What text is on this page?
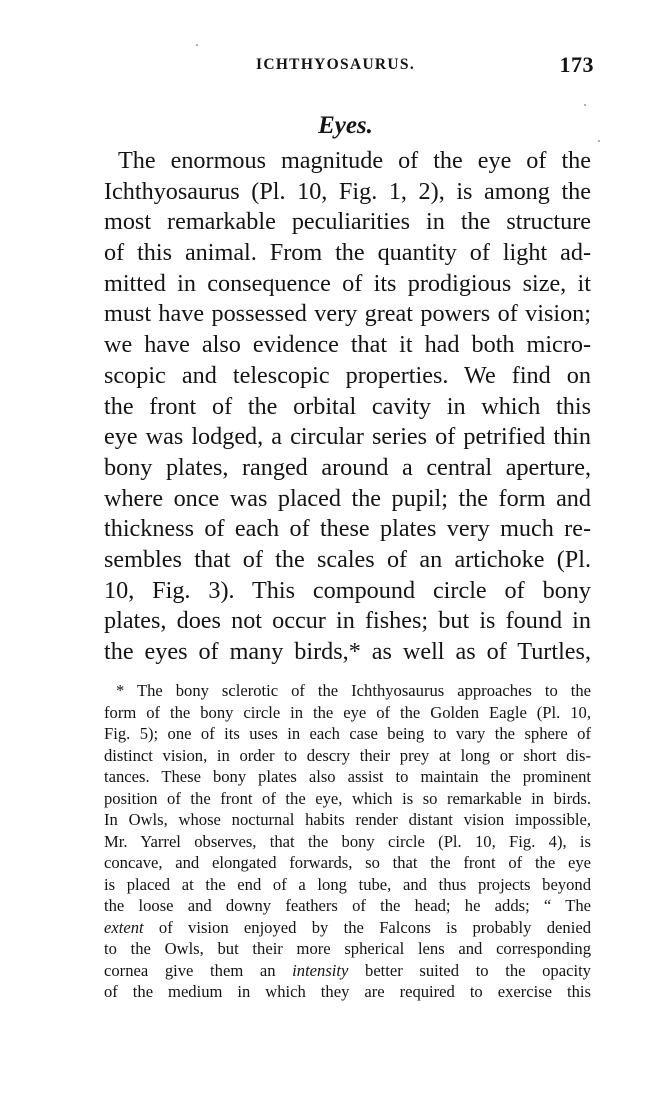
ICHTHYOSAURUS.	173
Eyes.
The enormous magnitude of the eye of the
Ichthyosaurus (Pl. 10, Fig. 1, 2), is among the
most remarkable peculiarities in the structure
of this animal. From the quantity of light ad-
mitted in consequence of its prodigious size, it
must have possessed very great powers of vision;
we have also evidence that it had both micro-
scopic and telescopic properties. We find on
the front of the orbital cavity in which this
eye was lodged, a circular series of petrified thin
bony plates, ranged around a central aperture,
where once was placed the pupil; the form and
thickness of each of these plates very much re-
sembles that of the scales of an artichoke (Pl.
10, Fig. 3). This compound circle of bony
plates, does not occur in fishes; but is found in
the eyes of many birds,* as well as of Turtles,
* The bony sclerotic of the Ichthyosaurus approaches to the
form of the bony circle in the eye of the Golden Eagle (Pl. 10,
Fig. 5); one of its uses in each case being to vary the sphere of
distinct vision, in order to descry their prey at long or short dis-
tances. These bony plates also assist to maintain the prominent
position of the front of the eye, which is so remarkable in birds.
In Owls, whose nocturnal habits render distant vision impossible,
Mr. Yarrel observes, that the bony circle (Pl. 10, Fig. 4), is
concave, and elongated forwards, so that the front of the eye
is placed at the end of a long tube, and thus projects beyond
the loose and downy feathers of the head; he adds; “ The
extent of vision enjoyed by the Falcons is probably denied
to the Owls, but their more spherical lens and corresponding
cornea give them an intensity better suited to the opacity
of the medium in which they are required to exercise this
